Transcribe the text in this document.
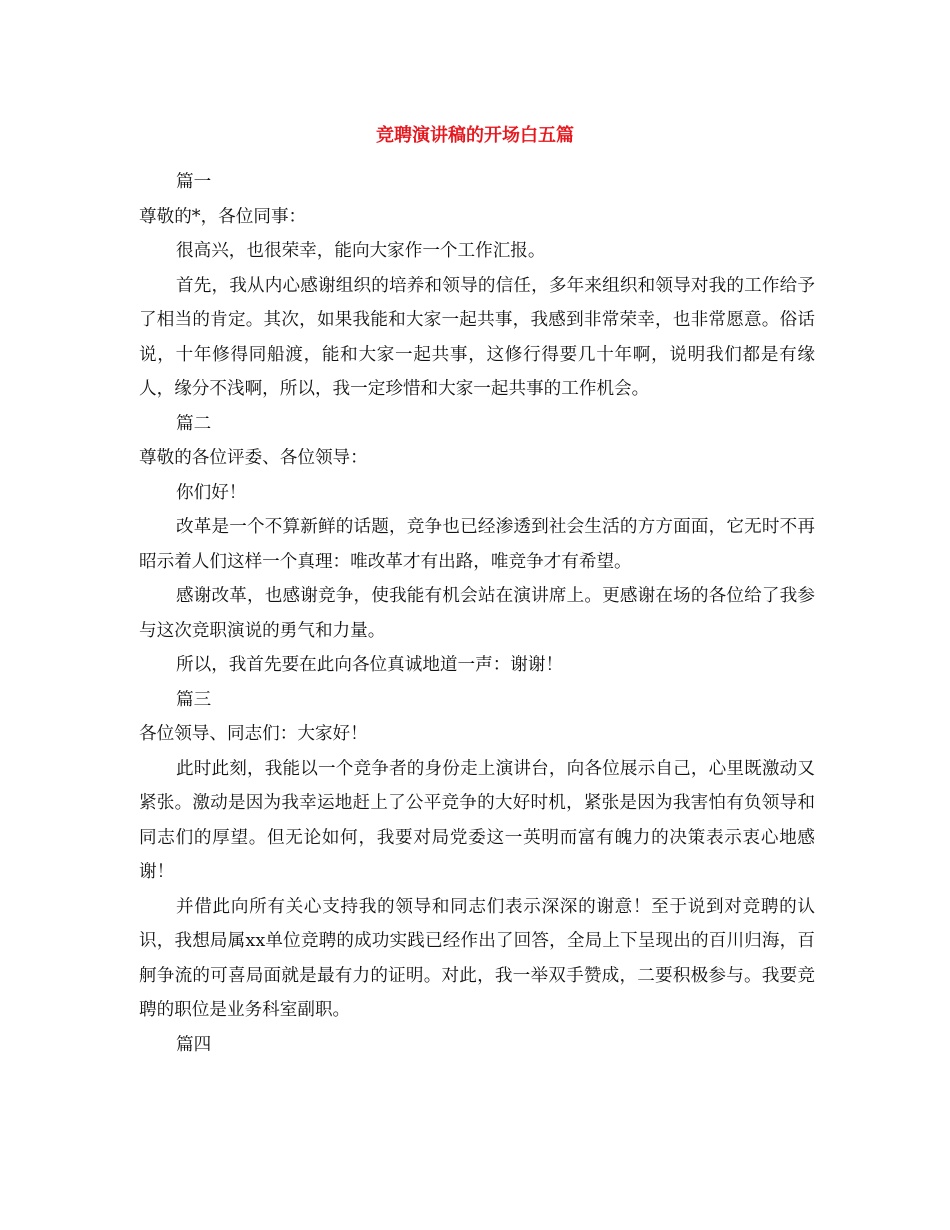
竞聘演讲稿的开场白五篇

篇一

尊敬的*，各位同事：

很高兴，也很荣幸，能向大家作一个工作汇报。

首先，我从内心感谢组织的培养和领导的信任，多年来组织和领导对我的工作给予了相当的肯定。其次，如果我能和大家一起共事，我感到非常荣幸，也非常愿意。俗话说，十年修得同船渡，能和大家一起共事，这修行得要几十年啊，说明我们都是有缘人，缘分不浅啊，所以，我一定珍惜和大家一起共事的工作机会。

篇二

尊敬的各位评委、各位领导：

你们好！

改革是一个不算新鲜的话题，竞争也已经渗透到社会生活的方方面面，它无时不再昭示着人们这样一个真理：唯改革才有出路，唯竞争才有希望。

感谢改革，也感谢竞争，使我能有机会站在演讲席上。更感谢在场的各位给了我参与这次竞职演说的勇气和力量。

所以，我首先要在此向各位真诚地道一声：谢谢！

篇三

各位领导、同志们：大家好！

此时此刻，我能以一个竞争者的身份走上演讲台，向各位展示自己，心里既激动又紧张。激动是因为我幸运地赶上了公平竞争的大好时机，紧张是因为我害怕有负领导和同志们的厚望。但无论如何，我要对局党委这一英明而富有魄力的决策表示衷心地感谢！

并借此向所有关心支持我的领导和同志们表示深深的谢意！至于说到对竞聘的认识，我想局属xx单位竞聘的成功实践已经作出了回答，全局上下呈现出的百川归海，百舸争流的可喜局面就是最有力的证明。对此，我一举双手赞成，二要积极参与。我要竞聘的职位是业务科室副职。

篇四
